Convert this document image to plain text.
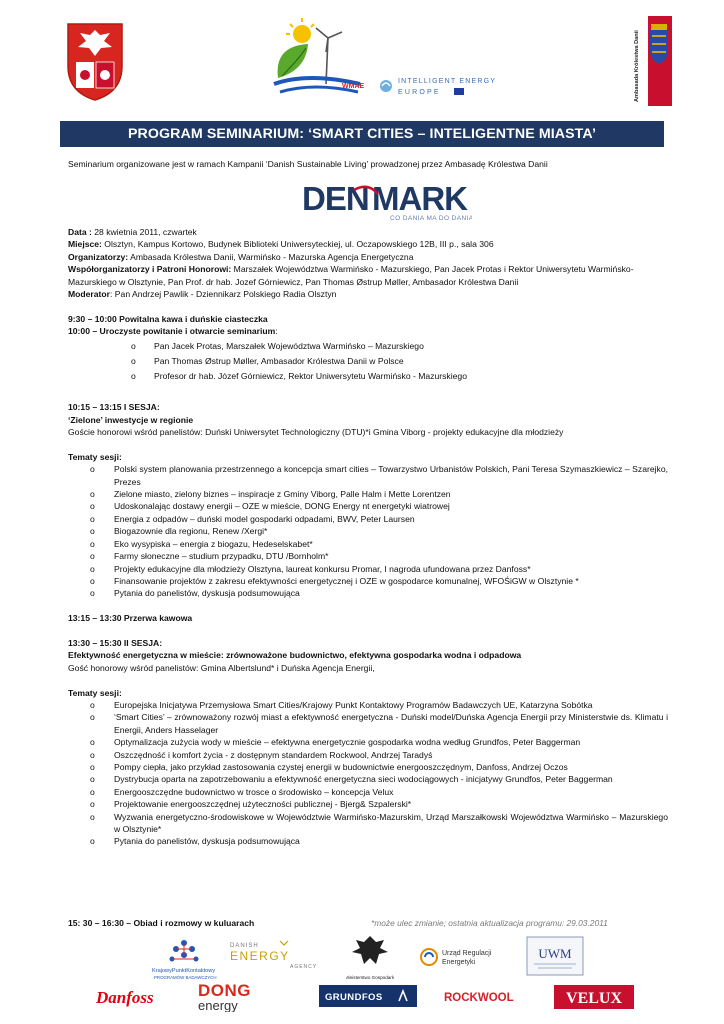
WMAE
INTELLIGENT ENERGY
EUROPE	Ambasada Królestwa Danii
PROGRAM SEMINARIUM: ‘SMART CITIES – INTELIGENTNE MIASTA’
Seminarium organizowane jest w ramach Kampanii ‘Danish Sustainable Living’ prowadzonej przez Ambasadę Królestwa Danii
DEN MARK
CO DANIA MA DO DANIA?
Data : 28 kwietnia 2011, czwartek
Miejsce: Olsztyn, Kampus Kortowo, Budynek Biblioteki Uniwersyteckiej, ul. Oczapowskiego 12B, III p., sala 306
Organizatorzy: Ambasada Królestwa Danii, Warmińsko - Mazurska Agencja Energetyczna
Współorganizatorzy i Patroni Honorowi: Marszałek Województwa Warmińsko - Mazurskiego, Pan Jacek Protas i Rektor Uniwersytetu Warmińsko-Mazurskiego w Olsztynie, Pan Prof. dr hab. Jozef Górniewicz, Pan Thomas Østrup Møller, Ambasador Królestwa Danii
Moderator: Pan Andrzej Pawlik - Dziennikarz Polskiego Radia Olsztyn
9:30 – 10:00 Powitalna kawa i duńskie ciasteczka
10:00 – Uroczyste powitanie i otwarcie seminarium:
o Pan Jacek Protas, Marszałek Województwa Warmińsko – Mazurskiego
o Pan Thomas Østrup Møller, Ambasador Królestwa Danii w Polsce
o Profesor dr hab. Józef Górniewicz, Rektor Uniwersytetu Warmińsko - Mazurskiego
10:15 – 13:15 I SESJA:
‘Zielone’ inwestycje w regionie
Goście honorowi wśród panelistów: Duński Uniwersytet Technologiczny (DTU)*i Gmina Viborg - projekty edukacyjne dla młodzieży
Tematy sesji:
o Polski system planowania przestrzennego a koncepcja smart cities – Towarzystwo Urbanistów Polskich, Pani Teresa Szymaszkiewicz – Szarejko, Prezes
o Zielone miasto, zielony biznes – inspiracje z Gminy Viborg, Palle Halm i Mette Lorentzen
o Udoskonalając dostawy energii – OZE w mieście, DONG Energy nt energetyki wiatrowej
o Energia z odpadów – duński model gospodarki odpadami, BWV, Peter Laursen
o Biogazownie dla regionu, Renew /Xergi*
o Eko wysypiska – energia z biogazu, Hedeselskabet*
o Farmy słoneczne – studium przypadku, DTU /Bornholm*
o Projekty edukacyjne dla młodzieży Olsztyna, laureat konkursu Promar, I nagroda ufundowana przez Danfoss*
o Finansowanie projektów z zakresu efektywności energetycznej i OZE w gospodarce komunalnej, WFOŚiGW w Olsztynie *
o Pytania do panelistów, dyskusja podsumowująca
13:15 – 13:30 Przerwa kawowa
13:30 – 15:30 II SESJA:
Efektywność energetyczna w mieście: zrównoważone budownictwo, efektywna gospodarka wodna i odpadowa
Gość honorowy wśród panelistów: Gmina Albertslund* i Duńska Agencja Energii,
Tematy sesji:
o Europejska Inicjatywa Przemysłowa Smart Cities/Krajowy Punkt Kontaktowy Programów Badawczych UE, Katarzyna Sobótka
o ‘Smart Cities’ – zrównoważony rozwój miast a efektywność energetyczna - Duński model/Duńska Agencja Energii przy Ministerstwie ds. Klimatu i Energii, Anders Hasselager
o Optymalizacja zużycia wody w mieście – efektywna energetycznie gospodarka wodna według Grundfos, Peter Baggerman
o Oszczędność i komfort życia - z dostępnym standardem Rockwool, Andrzej Taradyś
o Pompy ciepła, jako przykład zastosowania czystej energii w budownictwie energooszczędnym, Danfoss, Andrzej Oczos
o Dystrybucja oparta na zapotrzebowaniu a efektywność energetyczna sieci wodociągowych - inicjatywy Grundfos, Peter Baggerman
o Energooszczędne budownictwo w trosce o środowisko – koncepcja Velux
o Projektowanie energooszczędnej użyteczności publicznej - Bjerg& Szpalerski*
o Wyzwania energetyczno-środowiskowe w Województwie Warmińsko-Mazurskim, Urząd Marszałkowski Województwa Warmińsko – Mazurskiego w Olsztynie*
o Pytania do panelistów, dyskusja podsumowująca
15: 30 – 16:30 – Obiad i rozmowy w kuluarach	*może ulec zmianie; ostatnia aktualizacja programu: 29.03.2011
KrajowyPunktKontaktowy
PROGRAMÓW BADAWCZYCH UE
DANISH
ENERGY
AGENCY
Ministerstwo Gospodarki
Urząd Regulacji
Energetyki
UWM
Danfoss	DONG
energy
GRUNDFOS	ROCKWOOL	VELUX
